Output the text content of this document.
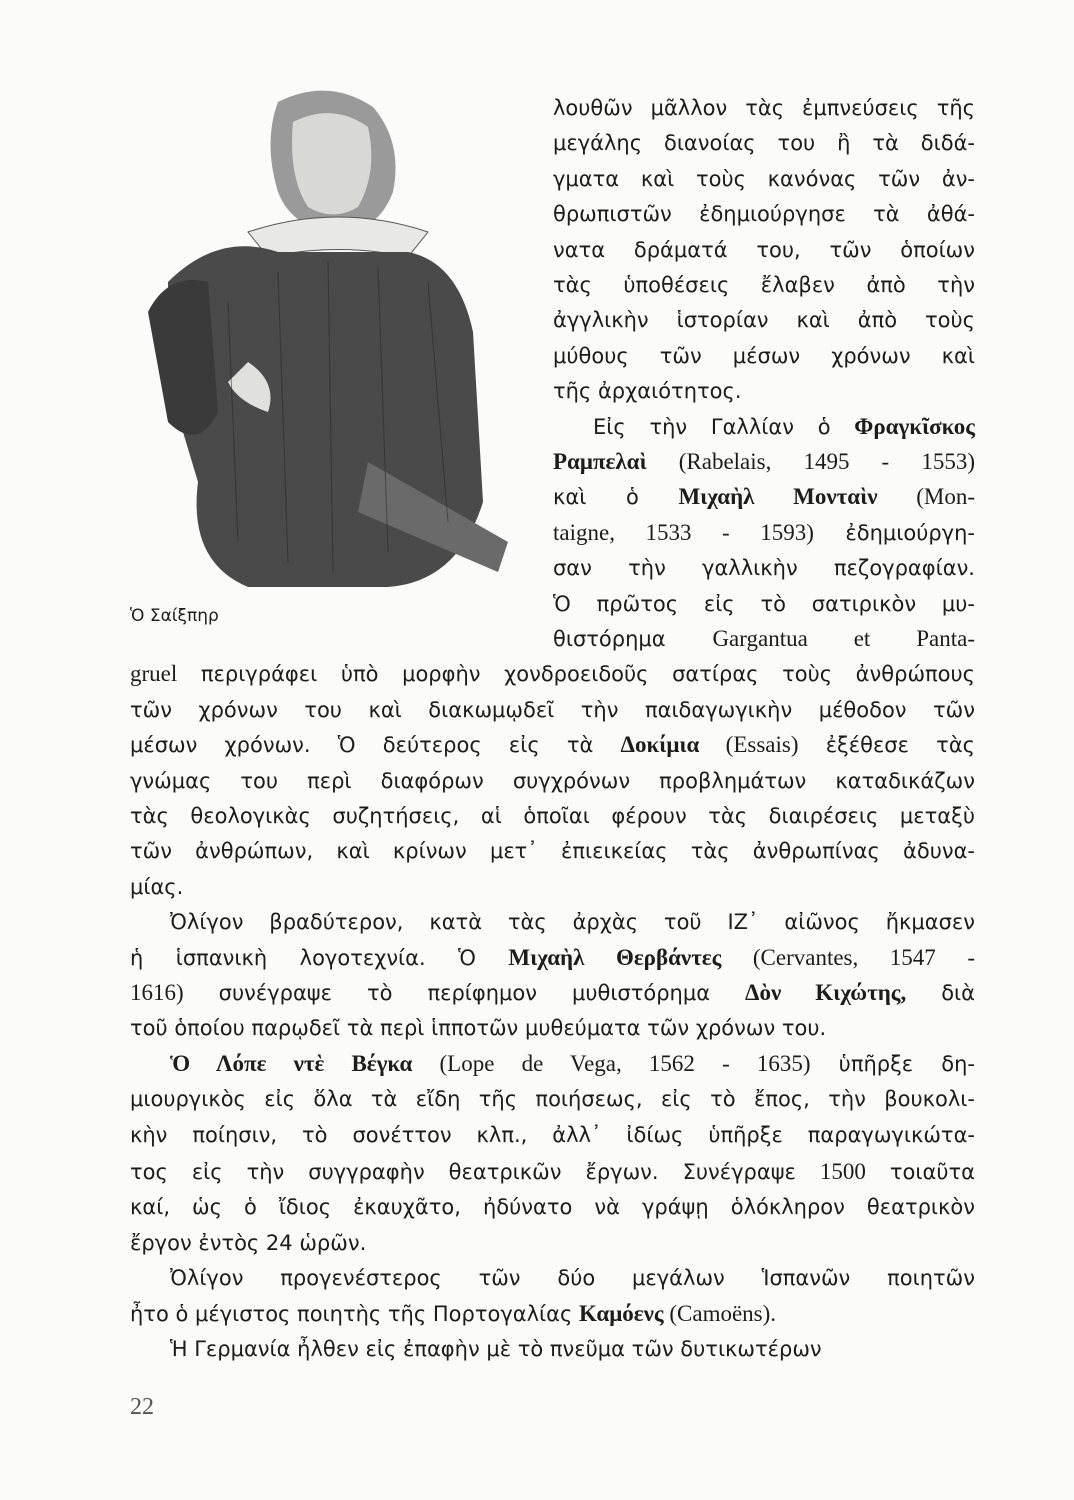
Ὁ Σαίξπηρ
λουθῶν μᾶλλον τὰς ἐμπνεύσεις τῆς
μεγάλης διανοίας του ἢ τὰ διδά-
γματα καὶ τοὺς κανόνας τῶν ἀν-
θρωπιστῶν ἐδημιούργησε τὰ ἀθά-
νατα δράματά του, τῶν ὁποίων
τὰς ὑποθέσεις ἔλαβεν ἀπὸ τὴν
ἀγγλικὴν ἱστορίαν καὶ ἀπὸ τοὺς
μύθους τῶν μέσων χρόνων καὶ
τῆς ἀρχαιότητος.
Εἰς τὴν Γαλλίαν ὁ Φραγκῖσκος
Ραμπελαὶ (Rabelais, 1495 - 1553)
καὶ ὁ Μιχαὴλ Μονταὶν (Mon-
taigne, 1533 - 1593) ἐδημιούργη-
σαν τὴν γαλλικὴν πεζογραφίαν.
Ὁ πρῶτος εἰς τὸ σατιρικὸν μυ-
θιστόρημα Gargantua et Panta-
gruel περιγράφει ὑπὸ μορφὴν χονδροειδοῦς σατίρας τοὺς ἀνθρώπους
τῶν χρόνων του καὶ διακωμῳδεῖ τὴν παιδαγωγικὴν μέθοδον τῶν
μέσων χρόνων. Ὁ δεύτερος εἰς τὰ Δοκίμια (Essais) ἐξέθεσε τὰς
γνώμας του περὶ διαφόρων συγχρόνων προβλημάτων καταδικάζων
τὰς θεολογικὰς συζητήσεις, αἱ ὁποῖαι φέρουν τὰς διαιρέσεις μεταξὺ
τῶν ἀνθρώπων, καὶ κρίνων μετ᾽ ἐπιεικείας τὰς ἀνθρωπίνας ἀδυνα-
μίας.
Ὀλίγον βραδύτερον, κατὰ τὰς ἀρχὰς τοῦ ΙΖ᾽ αἰῶνος ἤκμασεν
ἡ ἱσπανικὴ λογοτεχνία. Ὁ Μιχαὴλ Θερβάντες (Cervantes, 1547 -
1616) συνέγραψε τὸ περίφημον μυθιστόρημα Δὸν Κιχώτης, διὰ
τοῦ ὁποίου παρῳδεῖ τὰ περὶ ἱπποτῶν μυθεύματα τῶν χρόνων του.
Ὁ Λόπε ντὲ Βέγκα (Lope de Vega, 1562 - 1635) ὑπῆρξε δη-
μιουργικὸς εἰς ὅλα τὰ εἴδη τῆς ποιήσεως, εἰς τὸ ἔπος, τὴν βουκολι-
κὴν ποίησιν, τὸ σονέττον κλπ., ἀλλ᾽ ἰδίως ὑπῆρξε παραγωγικώτα-
τος εἰς τὴν συγγραφὴν θεατρικῶν ἔργων. Συνέγραψε 1500 τοιαῦτα
καί, ὡς ὁ ἴδιος ἐκαυχᾶτο, ἠδύνατο νὰ γράψῃ ὁλόκληρον θεατρικὸν
ἔργον ἐντὸς 24 ὡρῶν.
Ὀλίγον προγενέστερος τῶν δύο μεγάλων Ἱσπανῶν ποιητῶν
ἦτο ὁ μέγιστος ποιητὴς τῆς Πορτογαλίας Καμόενς (Camoëns).
Ἡ Γερμανία ἦλθεν εἰς ἐπαφὴν μὲ τὸ πνεῦμα τῶν δυτικωτέρων
22
